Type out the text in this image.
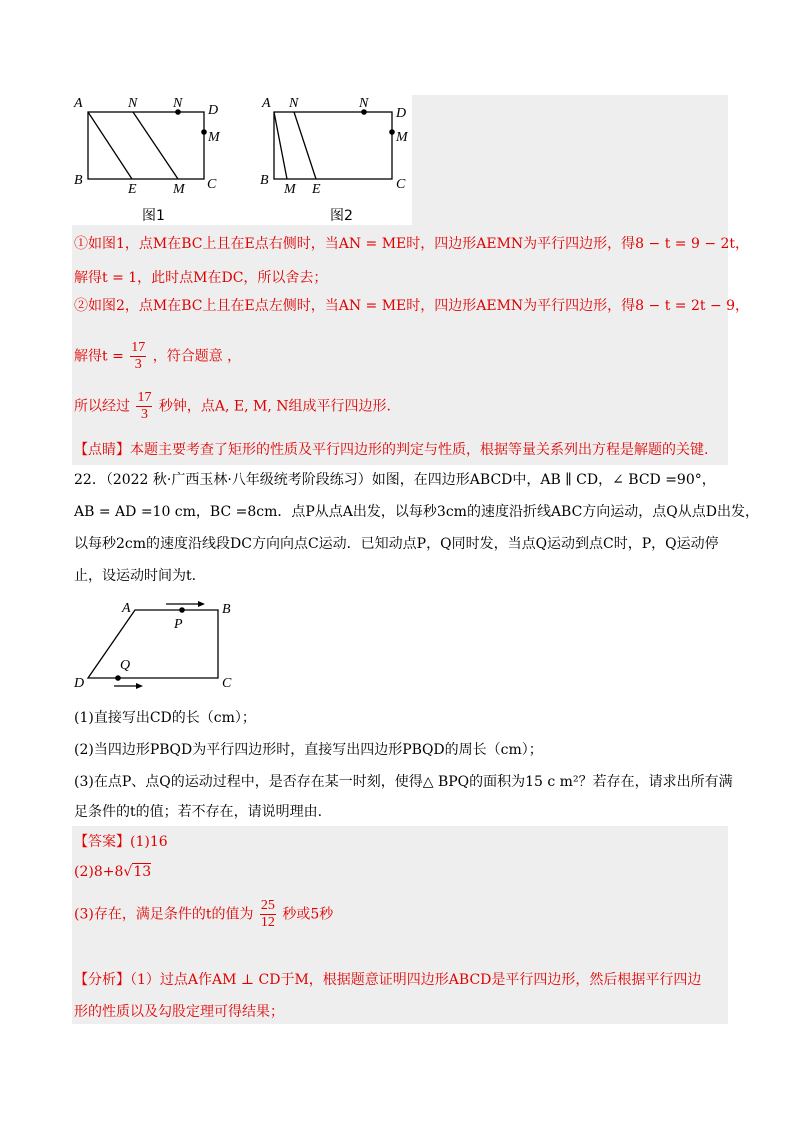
A	N	N D
M
B
E	M C
图1
A N	N
D
M
B
M E	C
图2
①如图1，点M在BC上且在E点右侧时，当AN = ME时，四边形AEMN为平行四边形，得8 − t = 9 − 2t，
解得t = 1，此时点M在DC，所以舍去；
②如图2，点M在BC上且在E点左侧时，当AN = ME时，四边形AEMN为平行四边形，得8 − t = 2t − 9，
解得$t = \frac{17}{3}$ ，符合题意 ，
所以经过 $\frac{17}{3}$ 秒钟，点A, E, M, N组成平行四边形.
【点睛】本题主要考查了矩形的性质及平行四边形的判定与性质，根据等量关系列出方程是解题的关键.
22．（2022 秋·广西玉林·八年级统考阶段练习）如图，在四边形ABCD中，AB ∥ CD，∠ BCD =90°，
AB = AD =10 cm，BC =8cm．点P从点A出发，以每秒3cm的速度沿折线ABC方向运动，点Q从点D出发，
以每秒2cm的速度沿线段DC方向向点C运动．已知动点P，Q同时发，当点Q运动到点C时，P，Q运动停
止，设运动时间为t.
A	B
C
D
P
Q
(1)直接写出CD的长（cm）；
(2)当四边形PBQD为平行四边形时，直接写出四边形PBQD的周长（cm）；
(3)在点P、点Q的运动过程中，是否存在某一时刻，使得△ BPQ的面积为15 c m²？若存在，请求出所有满
足条件的t的值；若不存在，请说明理由.
【答案】(1)16
(2)8+8√13
(3)存在，满足条件的t的值为 $\frac{25}{12}$ 秒或5秒
【分析】（1）过点A作AM ⊥ CD于M，根据题意证明四边形ABCD是平行四边形，然后根据平行四边
形的性质以及勾股定理可得结果；
